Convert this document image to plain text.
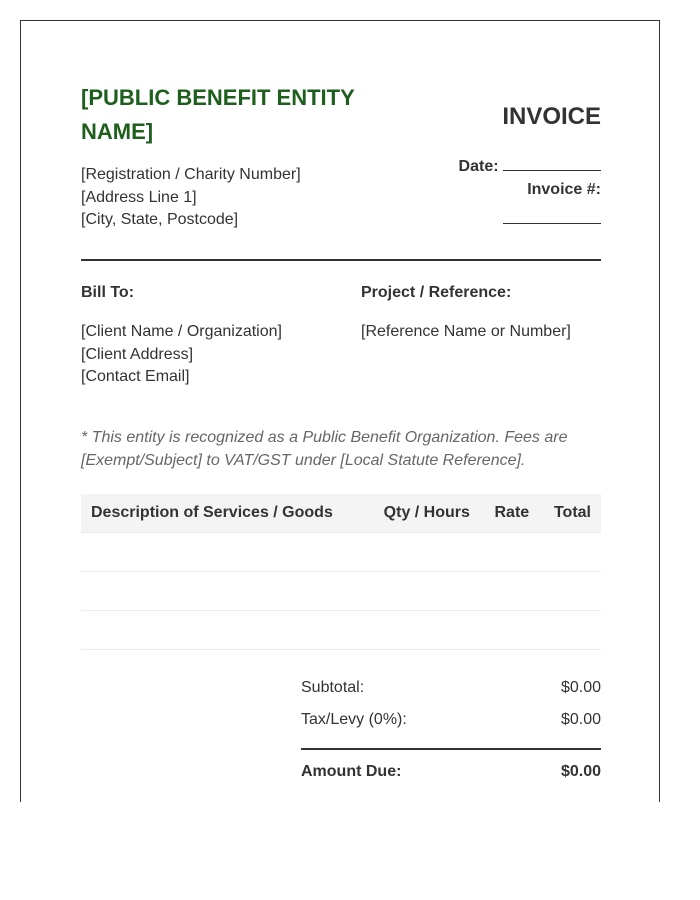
[PUBLIC BENEFIT ENTITY NAME]
[Registration / Charity Number]
[Address Line 1]
[City, State, Postcode]
INVOICE
Date:
Invoice #:
Bill To:
[Client Name / Organization]
[Client Address]
[Contact Email]
Project / Reference:
[Reference Name or Number]

* This entity is recognized as a Public Benefit Organization. Fees are [Exempt/Subject] to VAT/GST under [Local Statute Reference].

Description of Services / Goods	Qty / Hours	Rate	Total

Subtotal:	$0.00
Tax/Levy (0%):	$0.00
Amount Due:	$0.00
